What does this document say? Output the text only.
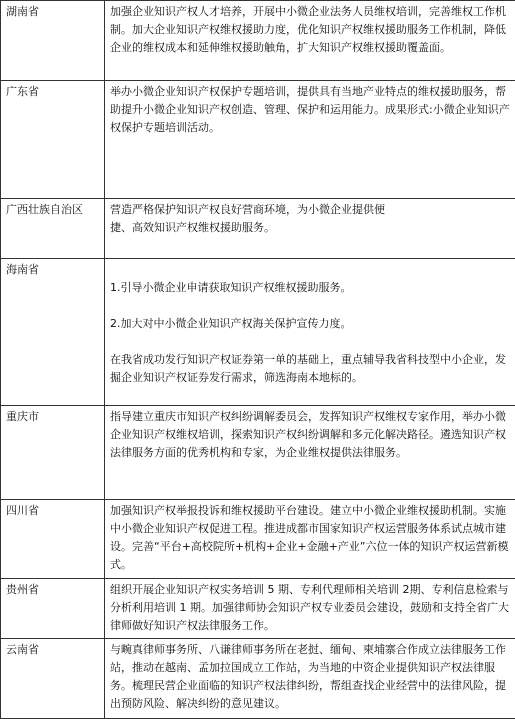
湖南省	加强企业知识产权人才培养，开展中小微企业法务人员维权培训，完善维权工作机制。加大企业知识产权维权援助力度，优化知识产权维权援助服务工作机制，降低企业的维权成本和延伸维权援助触角，扩大知识产权维权援助覆盖面。
广东省	举办小微企业知识产权保护专题培训，提供具有当地产业特点的维权援助服务，帮助提升小微企业知识产权创造、管理、保护和运用能力。成果形式:小微企业知识产权保护专题培训活动。
广西壮族自治区	营造严格保护知识产权良好营商环境，为小微企业提供便
捷、高效知识产权维权援助服务。
海南省	1.引导小微企业申请获取知识产权维权援助服务。

2.加大对中小微企业知识产权海关保护宣传力度。

在我省成功发行知识产权证券第一单的基础上，重点辅导我省科技型中小企业，发掘企业知识产权证券发行需求，筛选海南本地标的。

重庆市	指导建立重庆市知识产权纠纷调解委员会，发挥知识产权维权专家作用，举办小微企业知识产权维权培训，探索知识产权纠纷调解和多元化解决路径。遴选知识产权法律服务方面的优秀机构和专家，为企业维权提供法律服务。
四川省	加强知识产权举报投诉和维权援助平台建设。建立中小微企业维权援助机制。实施中小微企业知识产权促进工程。推进成都市国家知识产权运营服务体系试点城市建设。完善“平台+高校院所+机构+企业+金融+产业”六位一体的知识产权运营新模式。
贵州省	组织开展企业知识产权实务培训 5 期、专利代理师相关培训 2期、专利信息检索与分析利用培训 1 期。加强律师协会知识产权专业委员会建设，鼓励和支持全省广大律师做好知识产权法律服务工作。
云南省	与畹真律师事务所、八谦律师事务所在老挝、缅甸、柬埔寨合作成立法律服务工作站，推动在越南、孟加拉国成立工作站，为当地的中资企业提供知识产权法律服务。梳理民营企业面临的知识产权法律纠纷，帮组查找企业经营中的法律风险，提出预防风险、解决纠纷的意见建议。
